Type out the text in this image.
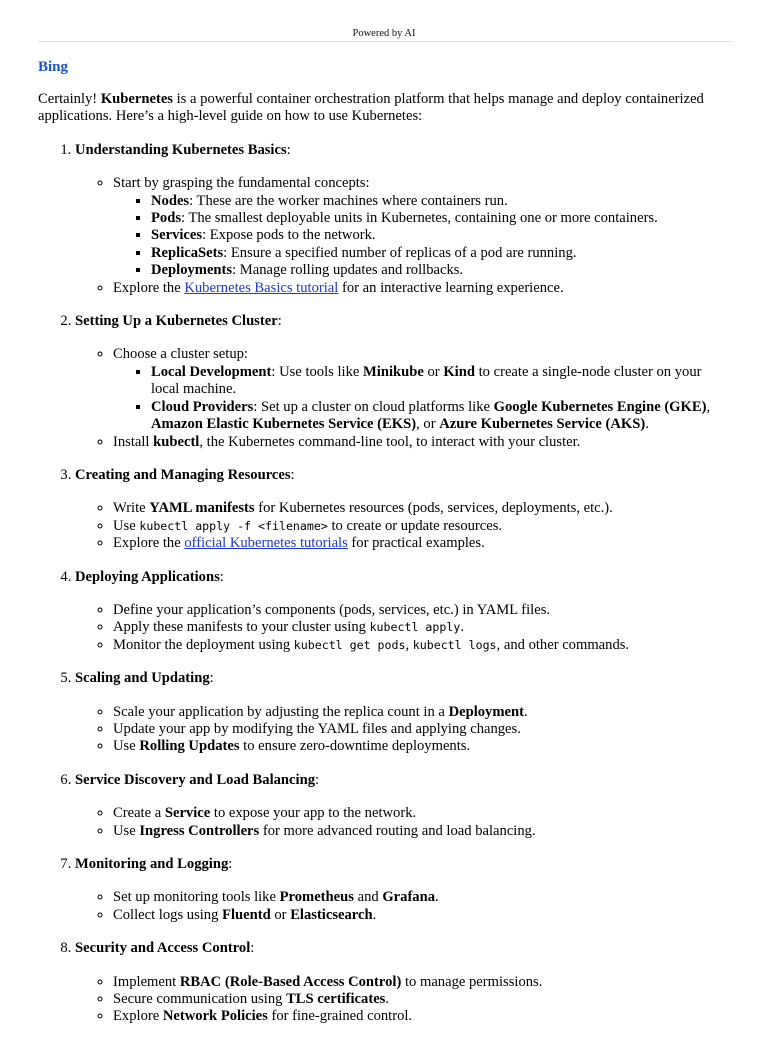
Powered by AI
Bing

Certainly! Kubernetes is a powerful container orchestration platform that helps manage and deploy containerized applications. Here’s a high-level guide on how to use Kubernetes:

1. Understanding Kubernetes Basics:
◦ Start by grasping the fundamental concepts:
▪ Nodes: These are the worker machines where containers run.
▪ Pods: The smallest deployable units in Kubernetes, containing one or more containers.
▪ Services: Expose pods to the network.
▪ ReplicaSets: Ensure a specified number of replicas of a pod are running.
▪ Deployments: Manage rolling updates and rollbacks.
◦ Explore the Kubernetes Basics tutorial for an interactive learning experience.
2. Setting Up a Kubernetes Cluster:
◦ Choose a cluster setup:
▪ Local Development: Use tools like Minikube or Kind to create a single-node cluster on your local machine.
▪ Cloud Providers: Set up a cluster on cloud platforms like Google Kubernetes Engine (GKE), Amazon Elastic Kubernetes Service (EKS), or Azure Kubernetes Service (AKS).
◦ Install kubectl, the Kubernetes command-line tool, to interact with your cluster.
3. Creating and Managing Resources:
◦ Write YAML manifests for Kubernetes resources (pods, services, deployments, etc.).
◦ Use kubectl apply -f <filename> to create or update resources.
◦ Explore the official Kubernetes tutorials for practical examples.
4. Deploying Applications:
◦ Define your application’s components (pods, services, etc.) in YAML files.
◦ Apply these manifests to your cluster using kubectl apply.
◦ Monitor the deployment using kubectl get pods, kubectl logs, and other commands.
5. Scaling and Updating:
◦ Scale your application by adjusting the replica count in a Deployment.
◦ Update your app by modifying the YAML files and applying changes.
◦ Use Rolling Updates to ensure zero-downtime deployments.
6. Service Discovery and Load Balancing:
◦ Create a Service to expose your app to the network.
◦ Use Ingress Controllers for more advanced routing and load balancing.
7. Monitoring and Logging:
◦ Set up monitoring tools like Prometheus and Grafana.
◦ Collect logs using Fluentd or Elasticsearch.
8. Security and Access Control:
◦ Implement RBAC (Role-Based Access Control) to manage permissions.
◦ Secure communication using TLS certificates.
◦ Explore Network Policies for fine-grained control.
